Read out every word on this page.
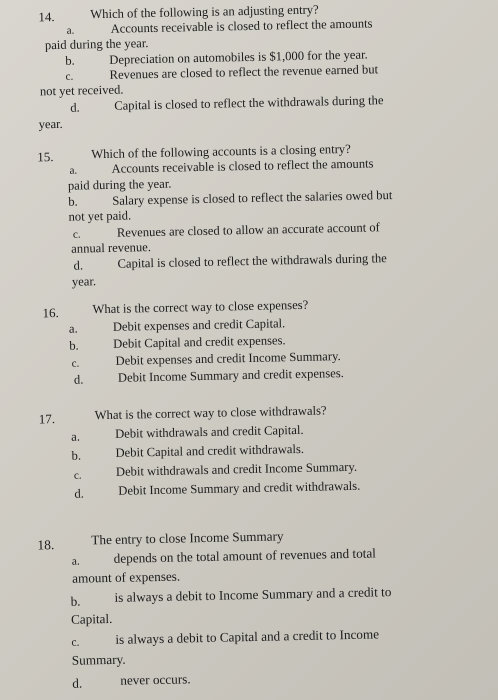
14.	Which of the following is an adjusting entry?
a.	Accounts receivable is closed to reflect the amounts
paid during the year.
b.	Depreciation on automobiles is $1,000 for the year.
c.	Revenues are closed to reflect the revenue earned but
not yet received.
d.	Capital is closed to reflect the withdrawals during the
year.
15.	Which of the following accounts is a closing entry?
a.	Accounts receivable is closed to reflect the amounts
paid during the year.
b.	Salary expense is closed to reflect the salaries owed but
not yet paid.
c.	Revenues are closed to allow an accurate account of
annual revenue.
d.	Capital is closed to reflect the withdrawals during the
year.
16.	What is the correct way to close expenses?
a.	Debit expenses and credit Capital.
b.	Debit Capital and credit expenses.
c.	Debit expenses and credit Income Summary.
d.	Debit Income Summary and credit expenses.
17.	What is the correct way to close withdrawals?
a.	Debit withdrawals and credit Capital.
b.	Debit Capital and credit withdrawals.
c.	Debit withdrawals and credit Income Summary.
d.	Debit Income Summary and credit withdrawals.
18.	The entry to close Income Summary
a.	depends on the total amount of revenues and total
amount of expenses.
b.	is always a debit to Income Summary and a credit to
Capital.
c.	is always a debit to Capital and a credit to Income
Summary.
d.	never occurs.
